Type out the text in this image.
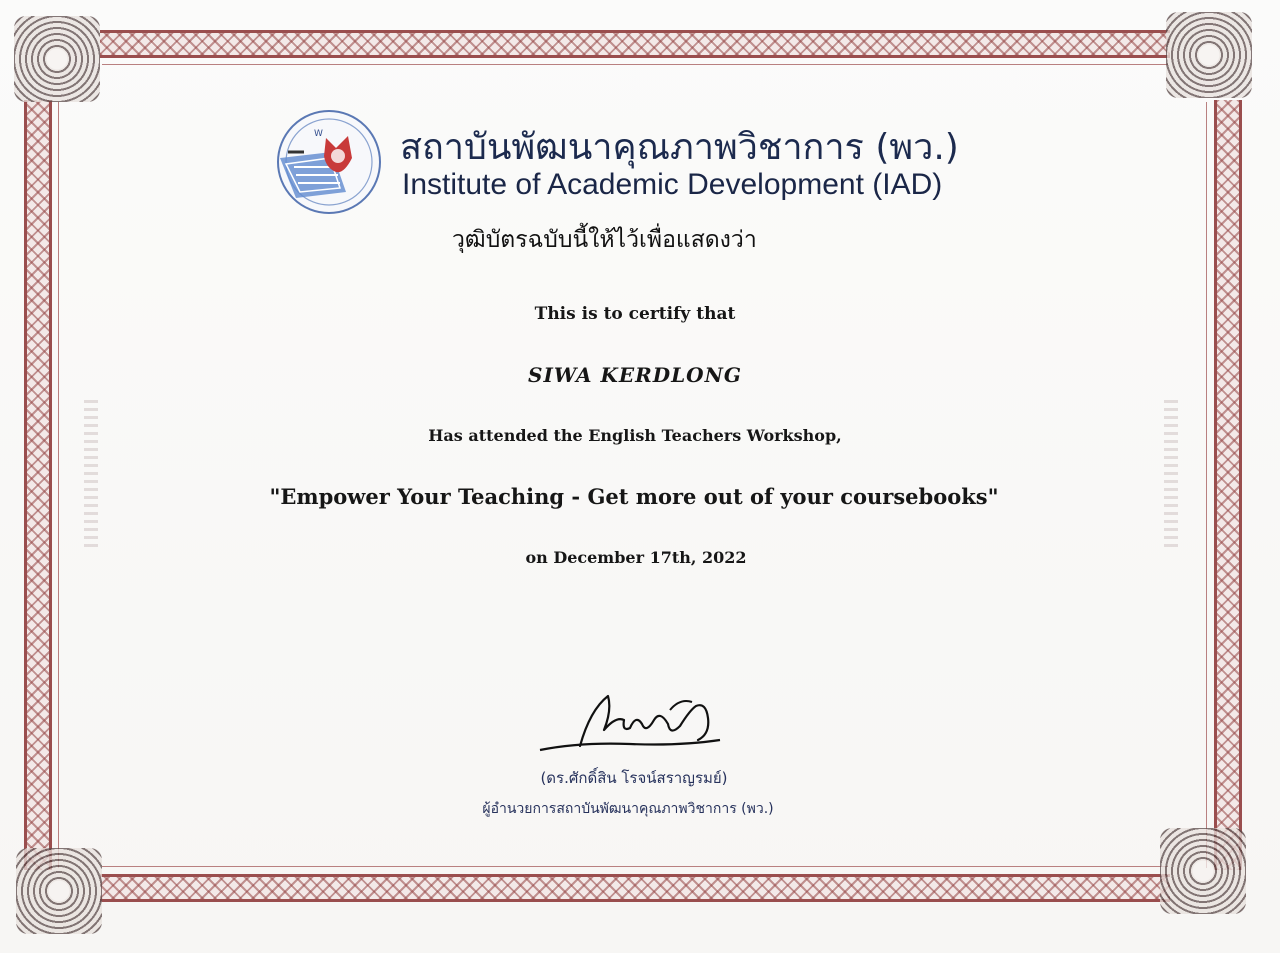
W สถาบันพัฒนาคุณภาพวิชาการ (พว.)
Institute of Academic Development (IAD)
วุฒิบัตรฉบับนี้ให้ไว้เพื่อแสดงว่า
This is to certify that
SIWA KERDLONG
Has attended the English Teachers Workshop,
"Empower Your Teaching - Get more out of your coursebooks"
on December 17th, 2022
(ดร.ศักดิ์สิน โรจน์สราญรมย์)
ผู้อำนวยการสถาบันพัฒนาคุณภาพวิชาการ (พว.)
